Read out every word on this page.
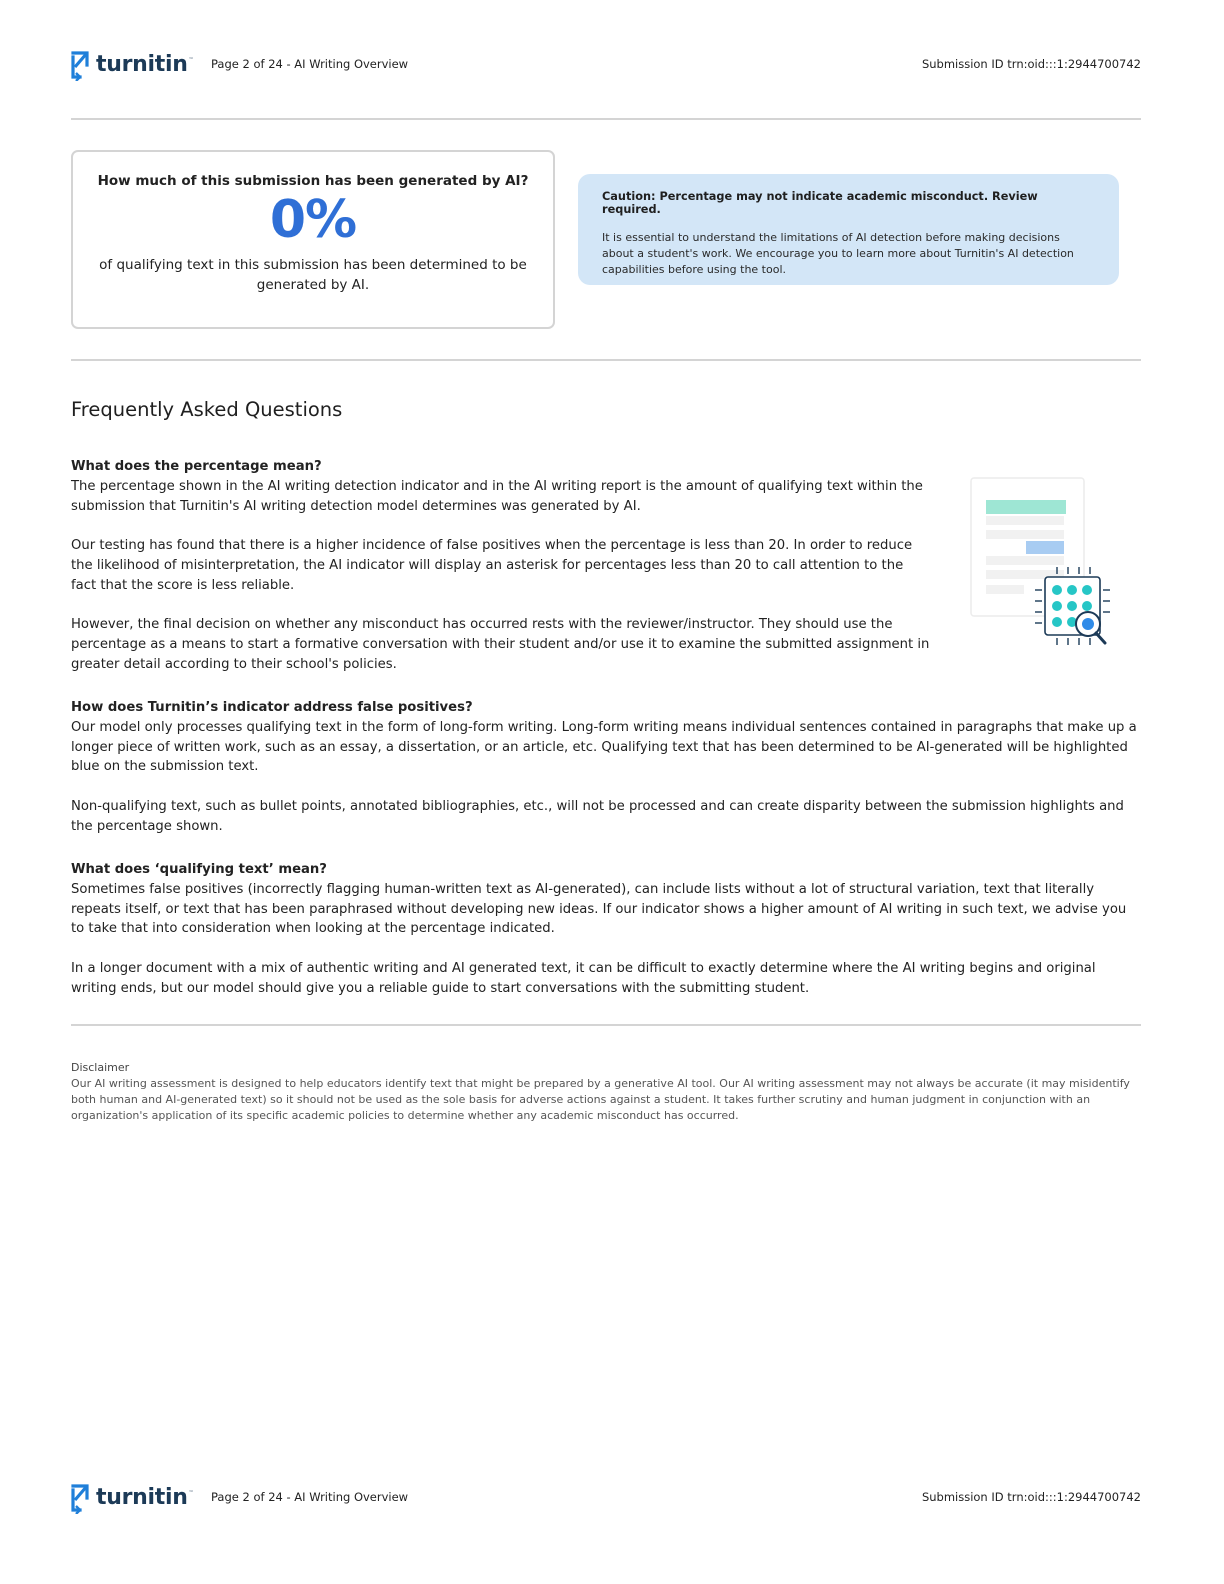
turnitin ™ Page 2 of 24 - AI Writing Overview	Submission ID trn:oid:::1:2944700742
How much of this submission has been generated by AI?
0%
of qualifying text in this submission has been determined to be generated by AI.
Caution: Percentage may not indicate academic misconduct. Review required.
It is essential to understand the limitations of AI detection before making decisions about a student's work. We encourage you to learn more about Turnitin's AI detection capabilities before using the tool.
Frequently Asked Questions
What does the percentage mean?

The percentage shown in the AI writing detection indicator and in the AI writing report is the amount of qualifying text within the submission that Turnitin's AI writing detection model determines was generated by AI.

Our testing has found that there is a higher incidence of false positives when the percentage is less than 20. In order to reduce the likelihood of misinterpretation, the AI indicator will display an asterisk for percentages less than 20 to call attention to the fact that the score is less reliable.

However, the final decision on whether any misconduct has occurred rests with the reviewer/instructor. They should use the percentage as a means to start a formative conversation with their student and/or use it to examine the submitted assignment in greater detail according to their school's policies.

How does Turnitin’s indicator address false positives?

Our model only processes qualifying text in the form of long-form writing. Long-form writing means individual sentences contained in paragraphs that make up a longer piece of written work, such as an essay, a dissertation, or an article, etc. Qualifying text that has been determined to be AI-generated will be highlighted blue on the submission text.

Non-qualifying text, such as bullet points, annotated bibliographies, etc., will not be processed and can create disparity between the submission highlights and the percentage shown.

What does ‘qualifying text’ mean?

Sometimes false positives (incorrectly flagging human-written text as AI-generated), can include lists without a lot of structural variation, text that literally repeats itself, or text that has been paraphrased without developing new ideas. If our indicator shows a higher amount of AI writing in such text, we advise you to take that into consideration when looking at the percentage indicated.

In a longer document with a mix of authentic writing and AI generated text, it can be difficult to exactly determine where the AI writing begins and original writing ends, but our model should give you a reliable guide to start conversations with the submitting student.

Disclaimer
Our AI writing assessment is designed to help educators identify text that might be prepared by a generative AI tool. Our AI writing assessment may not always be accurate (it may misidentify both human and AI-generated text) so it should not be used as the sole basis for adverse actions against a student. It takes further scrutiny and human judgment in conjunction with an organization's application of its specific academic policies to determine whether any academic misconduct has occurred.
turnitin ™ Page 2 of 24 - AI Writing Overview	Submission ID trn:oid:::1:2944700742
